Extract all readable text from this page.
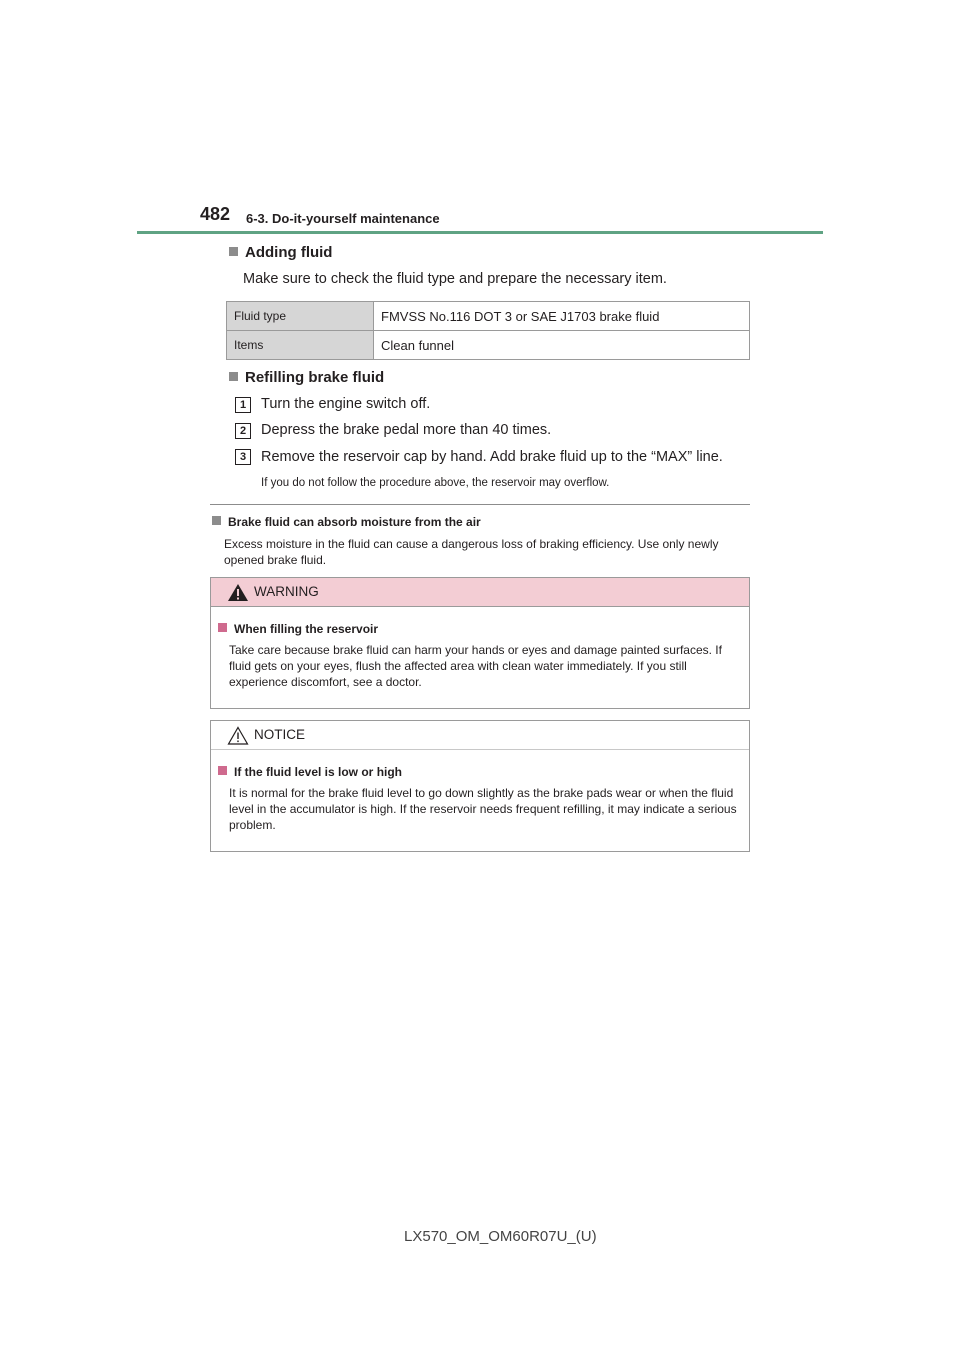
482 6-3. Do-it-yourself maintenance
Adding fluid
Make sure to check the fluid type and prepare the necessary item.
Fluid type	FMVSS No.116 DOT 3 or SAE J1703 brake fluid
Items	Clean funnel
Refilling brake fluid
1	Turn the engine switch off.
2	Depress the brake pedal more than 40 times.
3	Remove the reservoir cap by hand. Add brake fluid up to the “MAX” line.
If you do not follow the procedure above, the reservoir may overflow.
Brake fluid can absorb moisture from the air
Excess moisture in the fluid can cause a dangerous loss of braking efficiency. Use only newly opened brake fluid.
WARNING
When filling the reservoir
Take care because brake fluid can harm your hands or eyes and damage painted surfaces. If fluid gets on your eyes, flush the affected area with clean water immediately. If you still experience discomfort, see a doctor.
NOTICE
If the fluid level is low or high
It is normal for the brake fluid level to go down slightly as the brake pads wear or when the fluid level in the accumulator is high. If the reservoir needs frequent refilling, it may indicate a serious problem.
LX570_OM_OM60R07U_(U)
